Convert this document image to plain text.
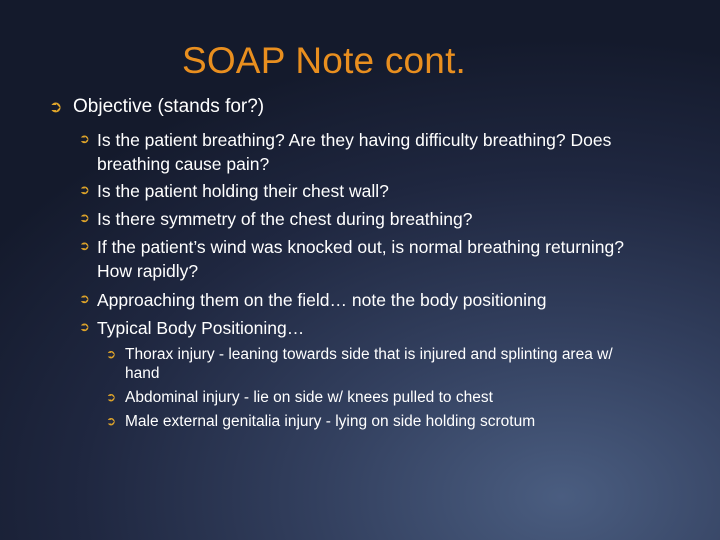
SOAP Note cont.
➲ Objective (stands for?)
➲ Is the patient breathing? Are they having difficulty breathing? Does breathing cause pain?
➲ Is the patient holding their chest wall?
➲ Is there symmetry of the chest during breathing?
➲ If the patient’s wind was knocked out, is normal breathing returning? How rapidly?
➲ Approaching them on the field… note the body positioning
➲ Typical Body Positioning…
➲ Thorax injury - leaning towards side that is injured and splinting area w/ hand
➲ Abdominal injury - lie on side w/ knees pulled to chest
➲ Male external genitalia injury - lying on side holding scrotum
